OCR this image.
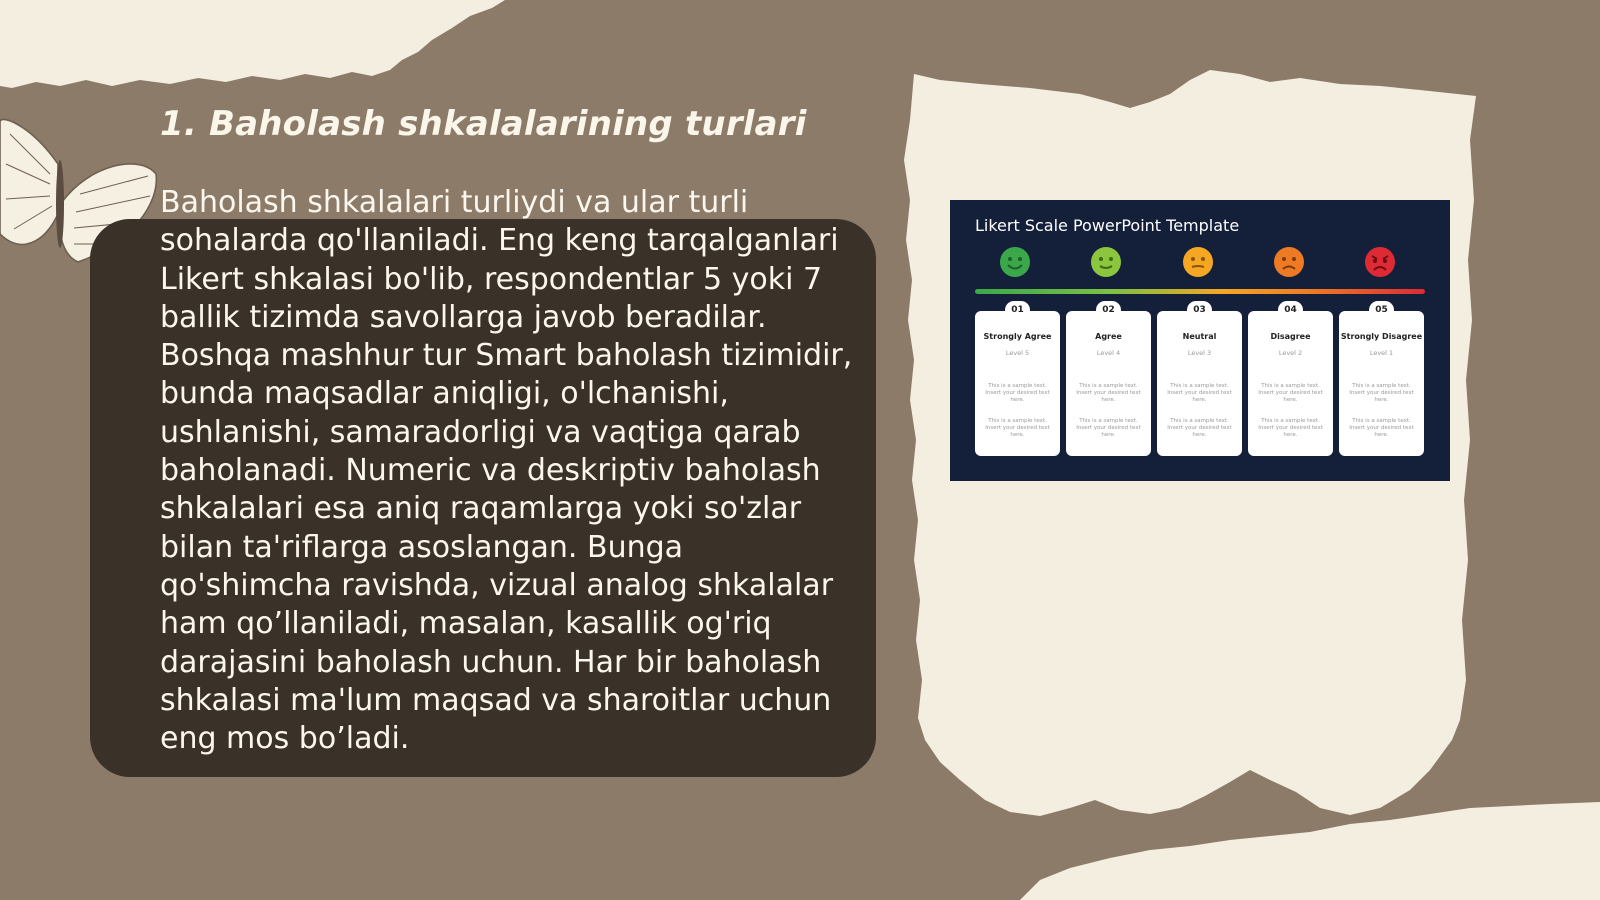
1. Baholash shkalalarining turlari

Baholash shkalalari turliydi va ular turli sohalarda qo'llaniladi. Eng keng tarqalganlari Likert shkalasi bo'lib, respondentlar 5 yoki 7 ballik tizimda savollarga javob beradilar. Boshqa mashhur tur Smart baholash tizimidir, bunda maqsadlar aniqligi, o'lchanishi, ushlanishi, samaradorligi va vaqtiga qarab baholanadi. Numeric va deskriptiv baholash shkalalari esa aniq raqamlarga yoki so'zlar bilan ta'riflarga asoslangan. Bunga qo'shimcha ravishda, vizual analog shkalalar ham qo’llaniladi, masalan, kasallik og'riq darajasini baholash uchun. Har bir baholash shkalasi ma'lum maqsad va sharoitlar uchun eng mos bo’ladi.

Likert Scale PowerPoint Template

01
Strongly Agree
Level 5
This is a sample text. Insert your desired text here.
This is a sample text. Insert your desired text here.
02
Agree
Level 4
This is a sample text. Insert your desired text here.
This is a sample text. Insert your desired text here.
03
Neutral
Level 3
This is a sample text. Insert your desired text here.
This is a sample text. Insert your desired text here.
04
Disagree
Level 2
This is a sample text. Insert your desired text here.
This is a sample text. Insert your desired text here.
05
Strongly Disagree
Level 1
This is a sample text. Insert your desired text here.
This is a sample text. Insert your desired text here.
